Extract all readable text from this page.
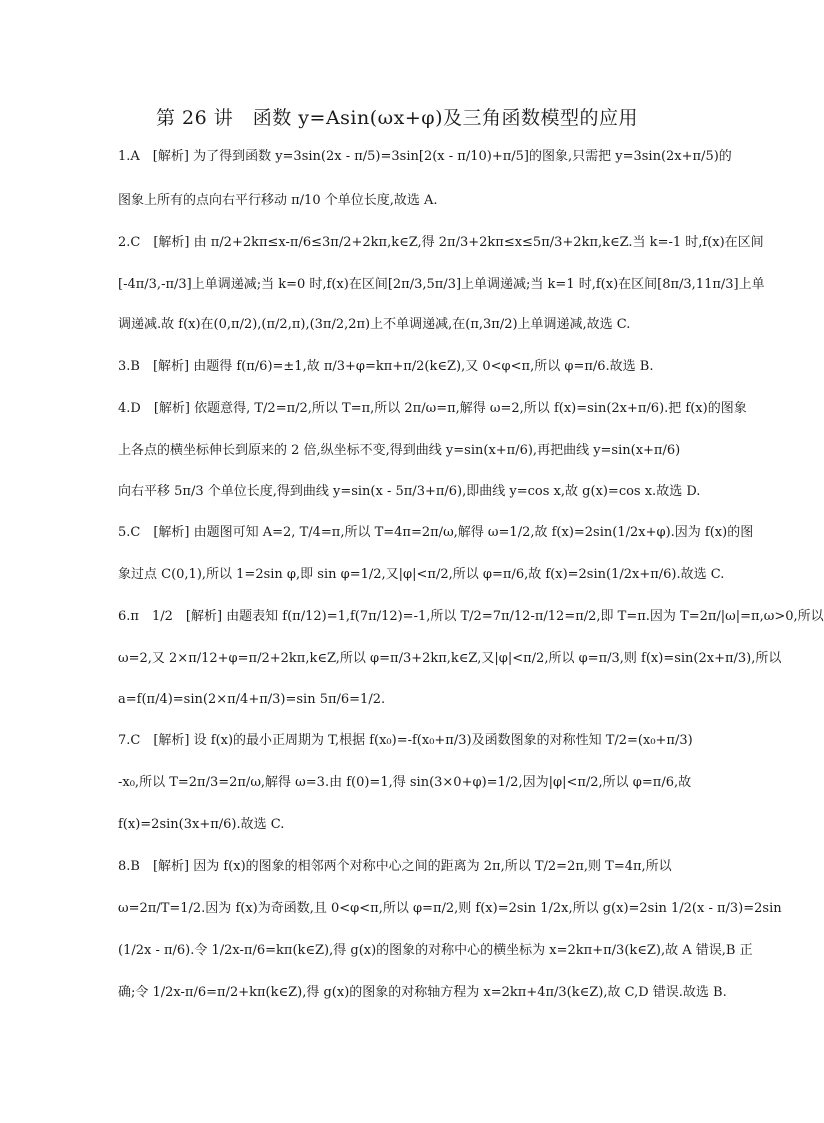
第 26 讲　函数 y=Asin(ωx+φ)及三角函数模型的应用
1.A　[解析] 为了得到函数 y=3sin(2x - π/5)=3sin[2(x - π/10)+π/5]的图象,只需把 y=3sin(2x+π/5)的
图象上所有的点向右平行移动 π/10 个单位长度,故选 A.
2.C　[解析] 由 π/2+2kπ≤x-π/6≤3π/2+2kπ,k∈Z,得 2π/3+2kπ≤x≤5π/3+2kπ,k∈Z.当 k=-1 时,f(x)在区间
[-4π/3,-π/3]上单调递减;当 k=0 时,f(x)在区间[2π/3,5π/3]上单调递减;当 k=1 时,f(x)在区间[8π/3,11π/3]上单
调递减.故 f(x)在(0,π/2),(π/2,π),(3π/2,2π)上不单调递减,在(π,3π/2)上单调递减,故选 C.
3.B　[解析] 由题得 f(π/6)=±1,故 π/3+φ=kπ+π/2(k∈Z),又 0<φ<π,所以 φ=π/6.故选 B.
4.D　[解析] 依题意得, T/2=π/2,所以 T=π,所以 2π/ω=π,解得 ω=2,所以 f(x)=sin(2x+π/6).把 f(x)的图象
上各点的横坐标伸长到原来的 2 倍,纵坐标不变,得到曲线 y=sin(x+π/6),再把曲线 y=sin(x+π/6)
向右平移 5π/3 个单位长度,得到曲线 y=sin(x - 5π/3+π/6),即曲线 y=cos x,故 g(x)=cos x.故选 D.
5.C　[解析] 由题图可知 A=2, T/4=π,所以 T=4π=2π/ω,解得 ω=1/2,故 f(x)=2sin(1/2x+φ).因为 f(x)的图
象过点 C(0,1),所以 1=2sin φ,即 sin φ=1/2,又|φ|<π/2,所以 φ=π/6,故 f(x)=2sin(1/2x+π/6).故选 C.
6.π　1/2　[解析] 由题表知 f(π/12)=1,f(7π/12)=-1,所以 T/2=7π/12-π/12=π/2,即 T=π.因为 T=2π/|ω|=π,ω>0,所以
ω=2,又 2×π/12+φ=π/2+2kπ,k∈Z,所以 φ=π/3+2kπ,k∈Z,又|φ|<π/2,所以 φ=π/3,则 f(x)=sin(2x+π/3),所以
a=f(π/4)=sin(2×π/4+π/3)=sin 5π/6=1/2.
7.C　[解析] 设 f(x)的最小正周期为 T,根据 f(x₀)=-f(x₀+π/3)及函数图象的对称性知 T/2=(x₀+π/3)
-x₀,所以 T=2π/3=2π/ω,解得 ω=3.由 f(0)=1,得 sin(3×0+φ)=1/2,因为|φ|<π/2,所以 φ=π/6,故
f(x)=2sin(3x+π/6).故选 C.
8.B　[解析] 因为 f(x)的图象的相邻两个对称中心之间的距离为 2π,所以 T/2=2π,则 T=4π,所以
ω=2π/T=1/2.因为 f(x)为奇函数,且 0<φ<π,所以 φ=π/2,则 f(x)=2sin 1/2x,所以 g(x)=2sin 1/2(x - π/3)=2sin
(1/2x - π/6).令 1/2x-π/6=kπ(k∈Z),得 g(x)的图象的对称中心的横坐标为 x=2kπ+π/3(k∈Z),故 A 错误,B 正
确;令 1/2x-π/6=π/2+kπ(k∈Z),得 g(x)的图象的对称轴方程为 x=2kπ+4π/3(k∈Z),故 C,D 错误.故选 B.
